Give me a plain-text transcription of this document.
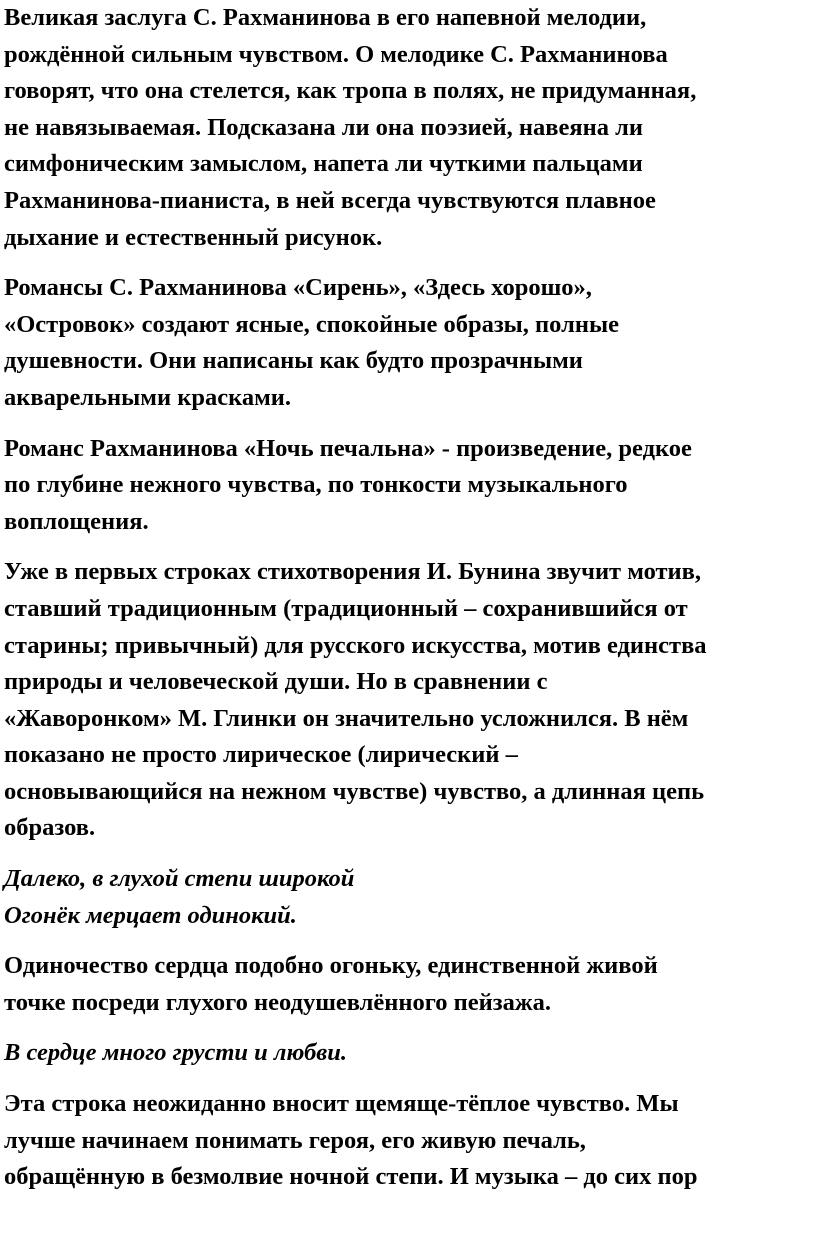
Великая заслуга С. Рахманинова в его напевной мелодии,
рождённой сильным чувством. О мелодике С. Рахманинова
говорят, что она стелется, как тропа в полях, не придуманная,
не навязываемая. Подсказана ли она поэзией, навеяна ли
симфоническим замыслом, напета ли чуткими пальцами
Рахманинова-пианиста, в ней всегда чувствуются плавное
дыхание и естественный рисунок.

Романсы С. Рахманинова «Сирень», «Здесь хорошо»,
«Островок» создают ясные, спокойные образы, полные
душевности. Они написаны как будто прозрачными
акварельными красками.

Романс Рахманинова «Ночь печальна» - произведение, редкое
по глубине нежного чувства, по тонкости музыкального
воплощения.

Уже в первых строках стихотворения И. Бунина звучит мотив,
ставший традиционным (традиционный – сохранившийся от
старины; привычный) для русского искусства, мотив единства
природы и человеческой души. Но в сравнении с
«Жаворонком» М. Глинки он значительно усложнился. В нём
показано не просто лирическое (лирический –
основывающийся на нежном чувстве) чувство, а длинная цепь
образов.

Далеко, в глухой степи широкой
Огонёк мерцает одинокий.

Одиночество сердца подобно огоньку, единственной живой
точке посреди глухого неодушевлённого пейзажа.

В сердце много грусти и любви.

Эта строка неожиданно вносит щемяще-тёплое чувство. Мы
лучше начинаем понимать героя, его живую печаль,
обращённую в безмолвие ночной степи. И музыка – до сих пор
